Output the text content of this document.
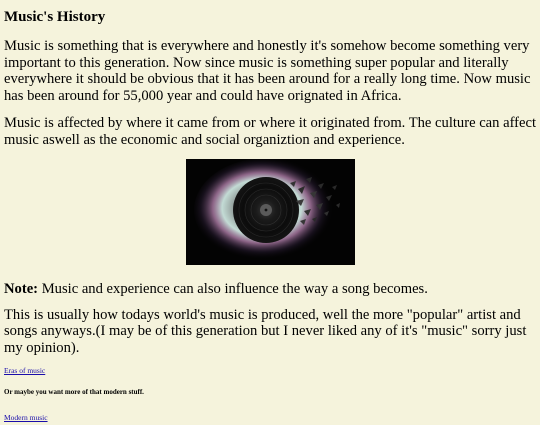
Music's History

Music is something that is everywhere and honestly it's somehow become something very important to this generation. Now since music is something super popular and literally everywhere it should be obvious that it has been around for a really long time. Now music has been around for 55,000 year and could have orignated in Africa.

Music is affected by where it came from or where it originated from. The culture can affect music aswell as the economic and social organiztion and experience.

Note: Music and experience can also influence the way a song becomes.

This is usually how todays world's music is produced, well the more "popular" artist and songs anyways.(I may be of this generation but I never liked any of it's "music" sorry just my opinion).

Eras of music
Or maybe you want more of that modern stuff.
Modern music
